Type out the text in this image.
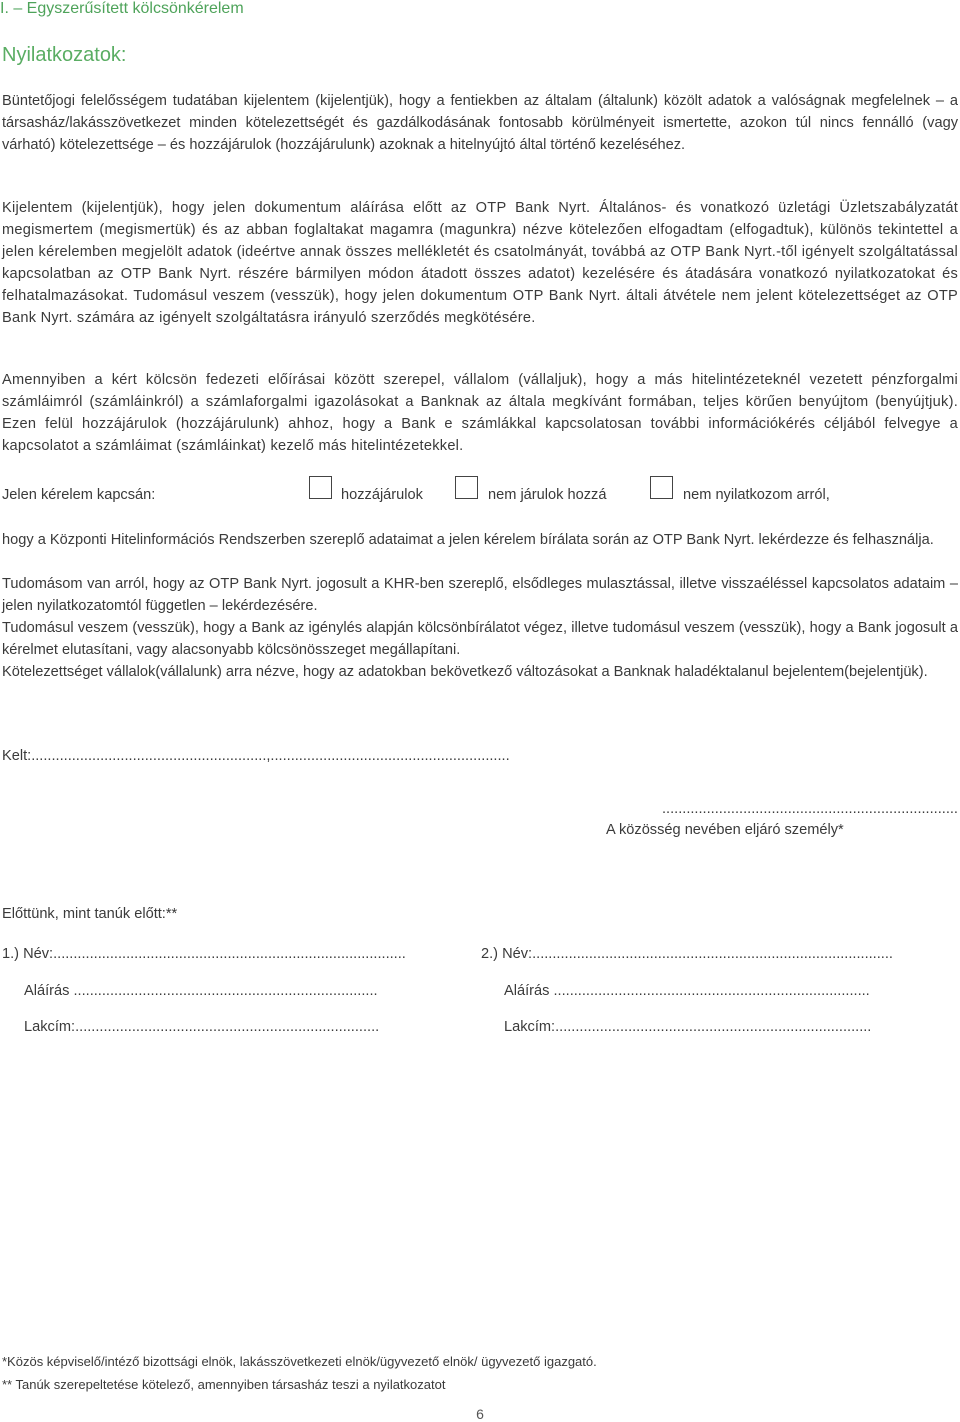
I. – Egyszerűsített kölcsönkérelem
Nyilatkozatok:

Büntetőjogi felelősségem tudatában kijelentem (kijelentjük), hogy a fentiekben az általam (általunk) közölt adatok a valóságnak megfelelnek – a társasház/lakásszövetkezet minden kötelezettségét és gazdálkodásának fontosabb körülményeit ismertette, azokon túl nincs fennálló (vagy várható) kötelezettsége – és hozzájárulok (hozzájárulunk) azoknak a hitelnyújtó által történő kezeléséhez.

Kijelentem (kijelentjük), hogy jelen dokumentum aláírása előtt az OTP Bank Nyrt. Általános- és vonatkozó üzletági Üzletszabályzatát megismertem (megismertük) és az abban foglaltakat magamra (magunkra) nézve kötelezően elfogadtam (elfogadtuk), különös tekintettel a jelen kérelemben megjelölt adatok (ideértve annak összes mellékletét és csatolmányát, továbbá az OTP Bank Nyrt.-től igényelt szolgáltatással kapcsolatban az OTP Bank Nyrt. részére bármilyen módon átadott összes adatot) kezelésére és átadására vonatkozó nyilatkozatokat és felhatalmazásokat. Tudomásul veszem (vesszük), hogy jelen dokumentum OTP Bank Nyrt. általi átvétele nem jelent kötelezettséget az OTP Bank Nyrt. számára az igényelt szolgáltatásra irányuló szerződés megkötésére.

Amennyiben a kért kölcsön fedezeti előírásai között szerepel, vállalom (vállaljuk), hogy a más hitelintézeteknél vezetett pénzforgalmi számláimról (számláinkról) a számlaforgalmi igazolásokat a Banknak az általa megkívánt formában, teljes körűen benyújtom (benyújtjuk). Ezen felül hozzájárulok (hozzájárulunk) ahhoz, hogy a Bank e számlákkal kapcsolatosan további információkérés céljából felvegye a kapcsolatot a számláimat (számláinkat) kezelő más hitelintézetekkel.

Jelen kérelem kapcsán:	hozzájárulok	nem járulok hozzá	nem nyilatkozom arról,

hogy a Központi Hitelinformációs Rendszerben szereplő adataimat a jelen kérelem bírálata során az OTP Bank Nyrt. lekérdezze és felhasználja.

Tudomásom van arról, hogy az OTP Bank Nyrt. jogosult a KHR-ben szereplő, elsődleges mulasztással, illetve visszaéléssel kapcsolatos adataim – jelen nyilatkozatomtól független – lekérdezésére.

Tudomásul veszem (vesszük), hogy a Bank az igénylés alapján kölcsönbírálatot végez, illetve tudomásul veszem (vesszük), hogy a Bank jogosult a kérelmet elutasítani, vagy alacsonyabb kölcsönösszeget megállapítani.

Kötelezettséget vállalok(vállalunk) arra nézve, hogy az adatokban bekövetkező változásokat a Banknak haladéktalanul bejelentem(bejelentjük).

Kelt:..........................................................,...........................................................
.........................................................................
A közösség nevében eljáró személy*
Előttünk, mint tanúk előtt:**
1.) Név:.......................................................................................	2.) Név:.........................................................................................
Aláírás ...........................................................................	Aláírás ..............................................................................
Lakcím:...........................................................................	Lakcím:..............................................................................
*Közös képviselő/intéző bizottsági elnök, lakásszövetkezeti elnök/ügyvezető elnök/ ügyvezető igazgató.
** Tanúk szerepeltetése kötelező, amennyiben társasház teszi a nyilatkozatot
6
